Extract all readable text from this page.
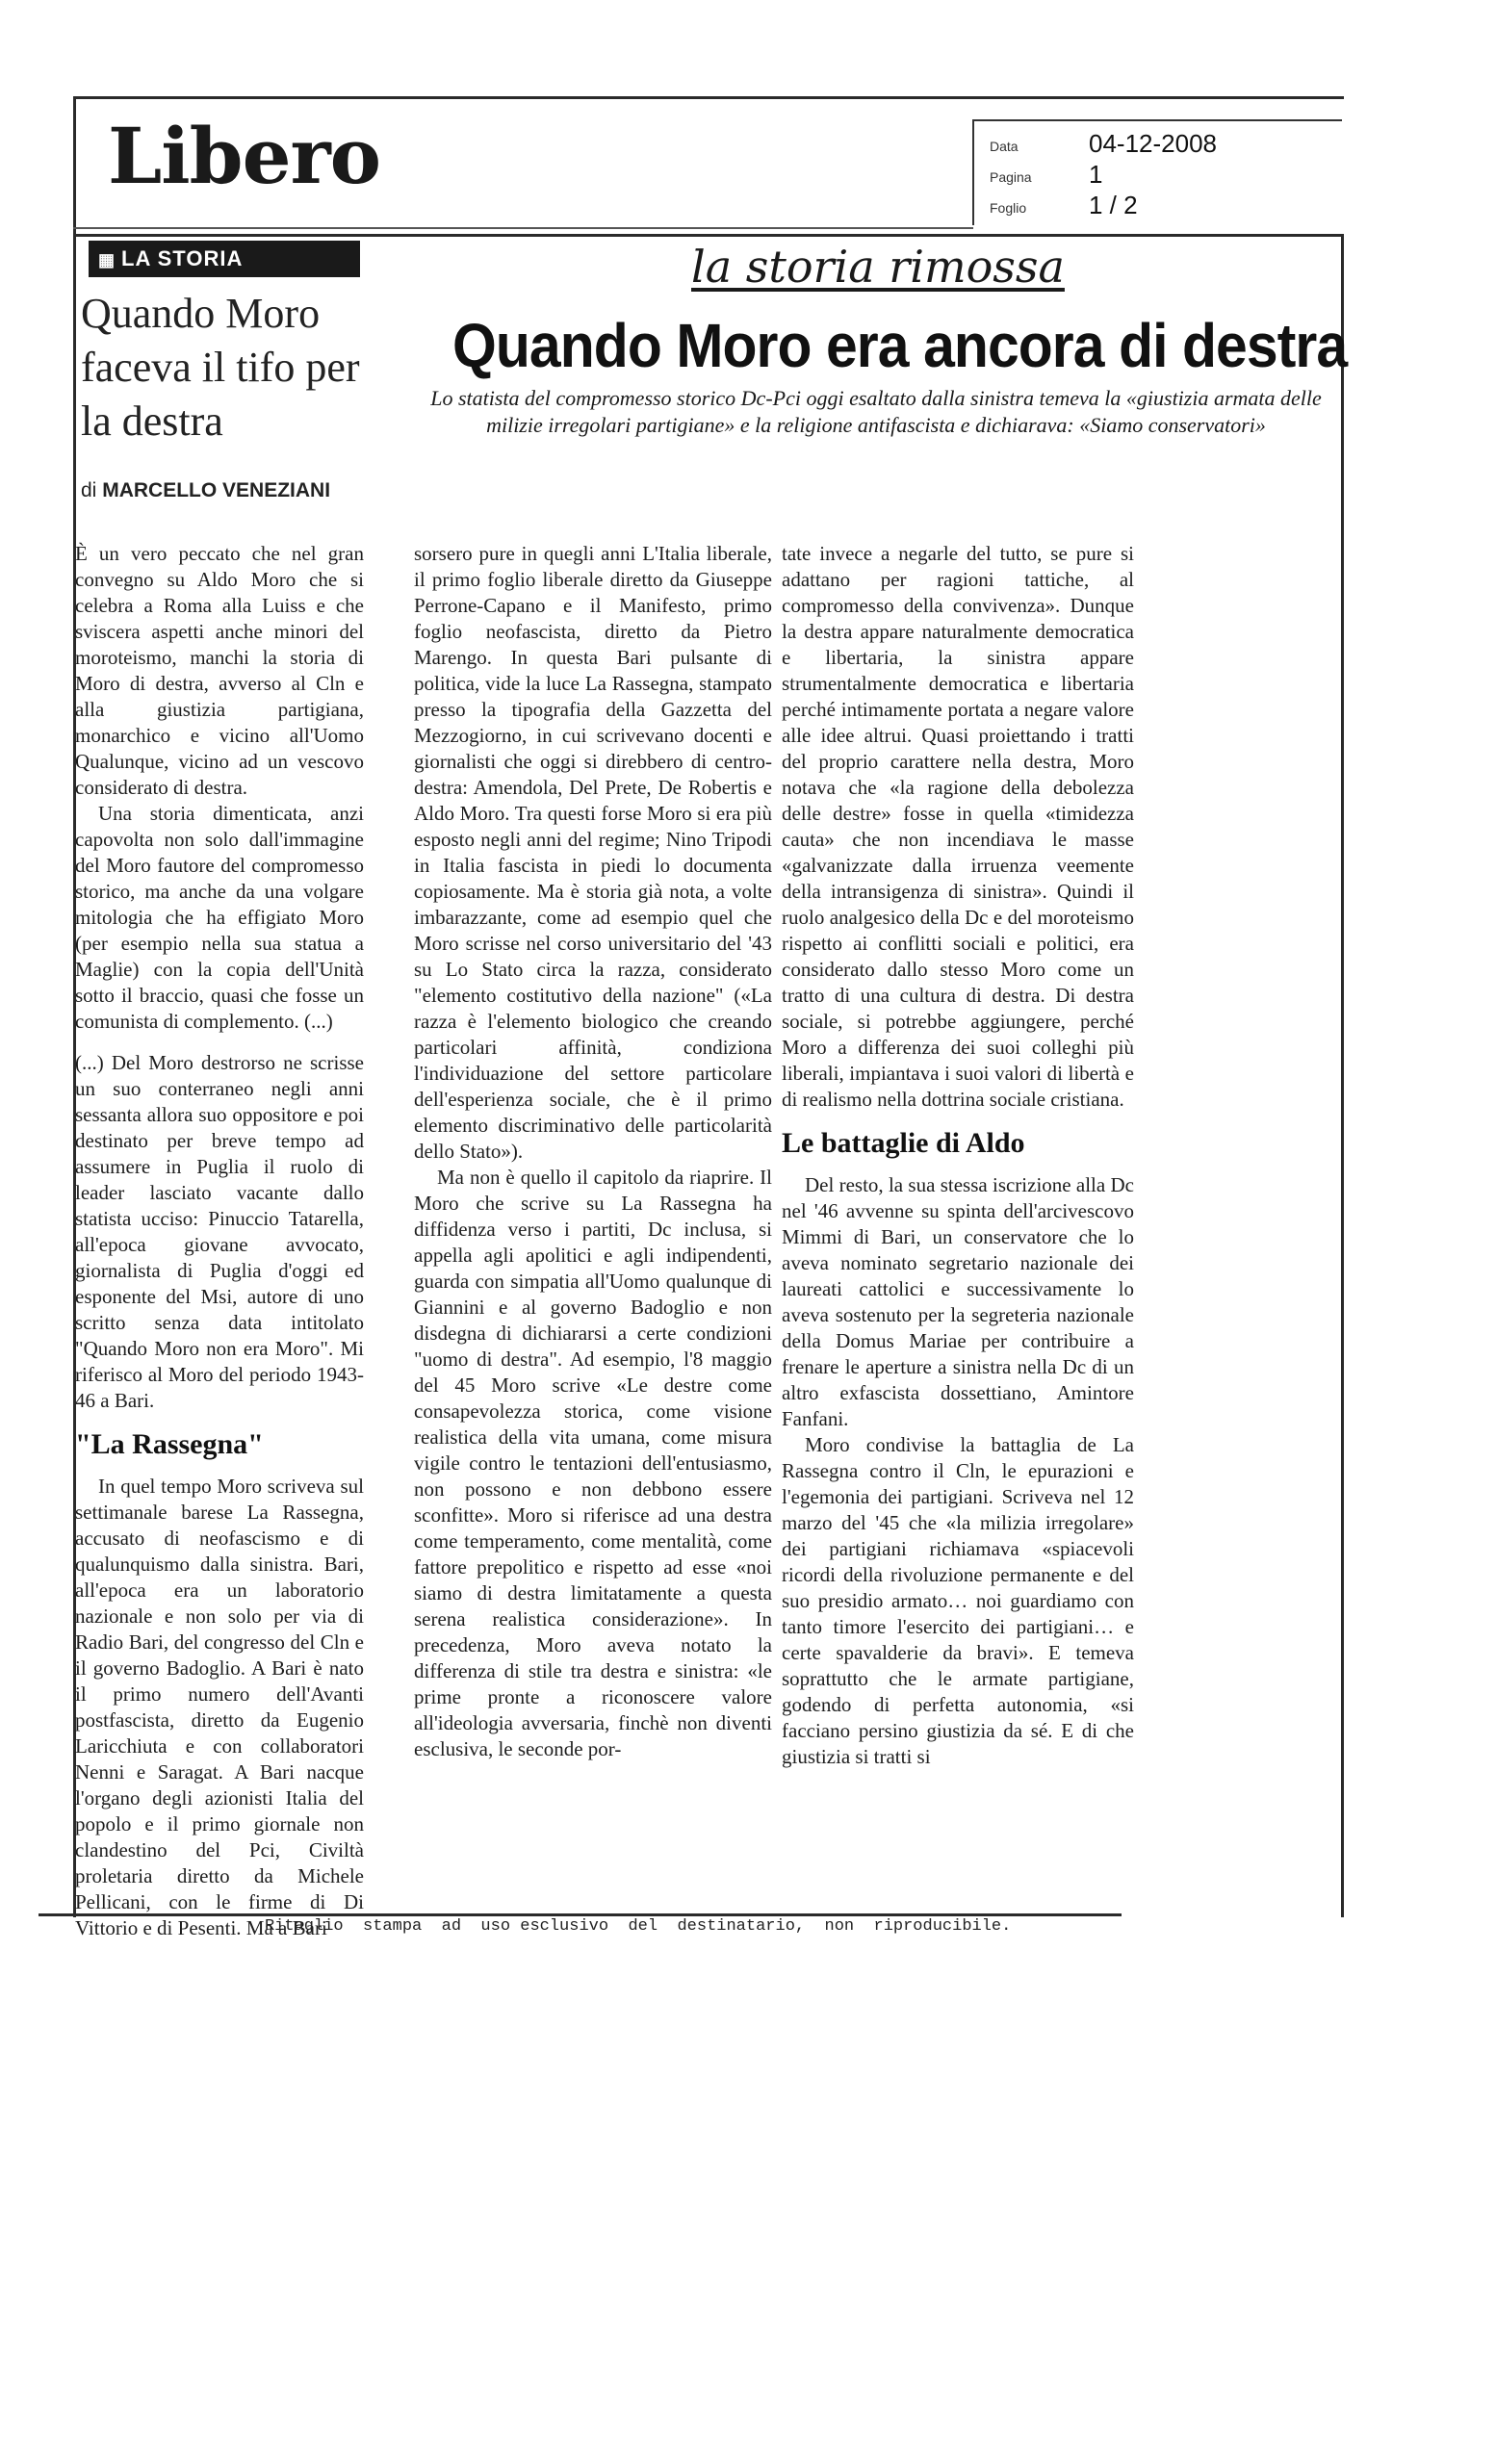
Libero	Data	04-12-2008
Pagina 1
Foglio 1 / 2
▦ LA STORIA	la storia rimossa
Quando Moro era ancora di destra
Lo statista del compromesso storico Dc-Pci oggi esaltato dalla sinistra temeva la «giustizia armata delle milizie irregolari partigiane» e la religione antifascista e dichiarava: «Siamo conservatori»
Quando Moro faceva il tifo per la destra
di MARCELLO VENEZIANI

È un vero peccato che nel gran convegno su Aldo Moro che si celebra a Roma alla Luiss e che sviscera aspetti anche minori del moroteismo, manchi la storia di Moro di destra, avverso al Cln e alla giustizia partigiana, monarchico e vicino all'Uomo Qualunque, vicino ad un vescovo considerato di destra.

Una storia dimenticata, anzi capovolta non solo dall'immagine del Moro fautore del compromesso storico, ma anche da una volgare mitologia che ha effigiato Moro (per esempio nella sua statua a Maglie) con la copia dell'Unità sotto il braccio, quasi che fosse un comunista di complemento. (...)

(...) Del Moro destrorso ne scrisse un suo conterraneo negli anni sessanta allora suo oppositore e poi destinato per breve tempo ad assumere in Puglia il ruolo di leader lasciato vacante dallo statista ucciso: Pinuccio Tatarella, all'epoca giovane avvocato, giornalista di Puglia d'oggi ed esponente del Msi, autore di uno scritto senza data intitolato "Quando Moro non era Moro". Mi riferisco al Moro del periodo 1943-46 a Bari.

"La Rassegna"

In quel tempo Moro scriveva sul settimanale barese La Rassegna, accusato di neofascismo e di qualunquismo dalla sinistra. Bari, all'epoca era un laboratorio nazionale e non solo per via di Radio Bari, del congresso del Cln e il governo Badoglio. A Bari è nato il primo numero dell'Avanti postfascista, diretto da Eugenio Laricchiuta e con collaboratori Nenni e Saragat. A Bari nacque l'organo degli azionisti Italia del popolo e il primo giornale non clandestino del Pci, Civiltà proletaria diretto da Michele Pellicani, con le firme di Di Vittorio e di Pesenti. Ma a Bari

sorsero pure in quegli anni L'Italia liberale, il primo foglio liberale diretto da Giuseppe Perrone-Capano e il Manifesto, primo foglio neofascista, diretto da Pietro Marengo. In questa Bari pulsante di politica, vide la luce La Rassegna, stampato presso la tipografia della Gazzetta del Mezzogiorno, in cui scrivevano docenti e giornalisti che oggi si direbbero di centro-destra: Amendola, Del Prete, De Robertis e Aldo Moro. Tra questi forse Moro si era più esposto negli anni del regime; Nino Tripodi in Italia fascista in piedi lo documenta copiosamente. Ma è storia già nota, a volte imbarazzante, come ad esempio quel che Moro scrisse nel corso universitario del '43 su Lo Stato circa la razza, considerato "elemento costitutivo della nazione" («La razza è l'elemento biologico che creando particolari affinità, condiziona l'individuazione del settore particolare dell'esperienza sociale, che è il primo elemento discriminativo delle particolarità dello Stato»).

Ma non è quello il capitolo da riaprire. Il Moro che scrive su La Rassegna ha diffidenza verso i partiti, Dc inclusa, si appella agli apolitici e agli indipendenti, guarda con simpatia all'Uomo qualunque di Giannini e al governo Badoglio e non disdegna di dichiararsi a certe condizioni "uomo di destra". Ad esempio, l'8 maggio del 45 Moro scrive «Le destre come consapevolezza storica, come visione realistica della vita umana, come misura vigile contro le tentazioni dell'entusiasmo, non possono e non debbono essere sconfitte». Moro si riferisce ad una destra come temperamento, come mentalità, come fattore prepolitico e rispetto ad esse «noi siamo di destra limitatamente a questa serena realistica considerazione». In precedenza, Moro aveva notato la differenza di stile tra destra e sinistra: «le prime pronte a riconoscere valore all'ideologia avversaria, finchè non diventi esclusiva, le seconde por-

tate invece a negarle del tutto, se pure si adattano per ragioni tattiche, al compromesso della convivenza». Dunque la destra appare naturalmente democratica e libertaria, la sinistra appare strumentalmente democratica e libertaria perché intimamente portata a negare valore alle idee altrui. Quasi proiettando i tratti del proprio carattere nella destra, Moro notava che «la ragione della debolezza delle destre» fosse in quella «timidezza cauta» che non incendiava le masse «galvanizzate dalla irruenza veemente della intransigenza di sinistra». Quindi il ruolo analgesico della Dc e del moroteismo rispetto ai conflitti sociali e politici, era considerato dallo stesso Moro come un tratto di una cultura di destra. Di destra sociale, si potrebbe aggiungere, perché Moro a differenza dei suoi colleghi più liberali, impiantava i suoi valori di libertà e di realismo nella dottrina sociale cristiana.

Le battaglie di Aldo

Del resto, la sua stessa iscrizione alla Dc nel '46 avvenne su spinta dell'arcivescovo Mimmi di Bari, un conservatore che lo aveva nominato segretario nazionale dei laureati cattolici e successivamente lo aveva sostenuto per la segreteria nazionale della Domus Mariae per contribuire a frenare le aperture a sinistra nella Dc di un altro exfascista dossettiano, Amintore Fanfani.

Moro condivise la battaglia de La Rassegna contro il Cln, le epurazioni e l'egemonia dei partigiani. Scriveva nel 12 marzo del '45 che «la milizia irregolare» dei partigiani richiamava «spiacevoli ricordi della rivoluzione permanente e del suo presidio armato… noi guardiamo con tanto timore l'esercito dei partigiani… e certe spavalderie da bravi». E temeva soprattutto che le armate partigiane, godendo di perfetta autonomia, «si facciano persino giustizia da sé. E di che giustizia si tratti si

Ritaglio  stampa  ad  uso esclusivo  del  destinatario,  non  riproducibile.
